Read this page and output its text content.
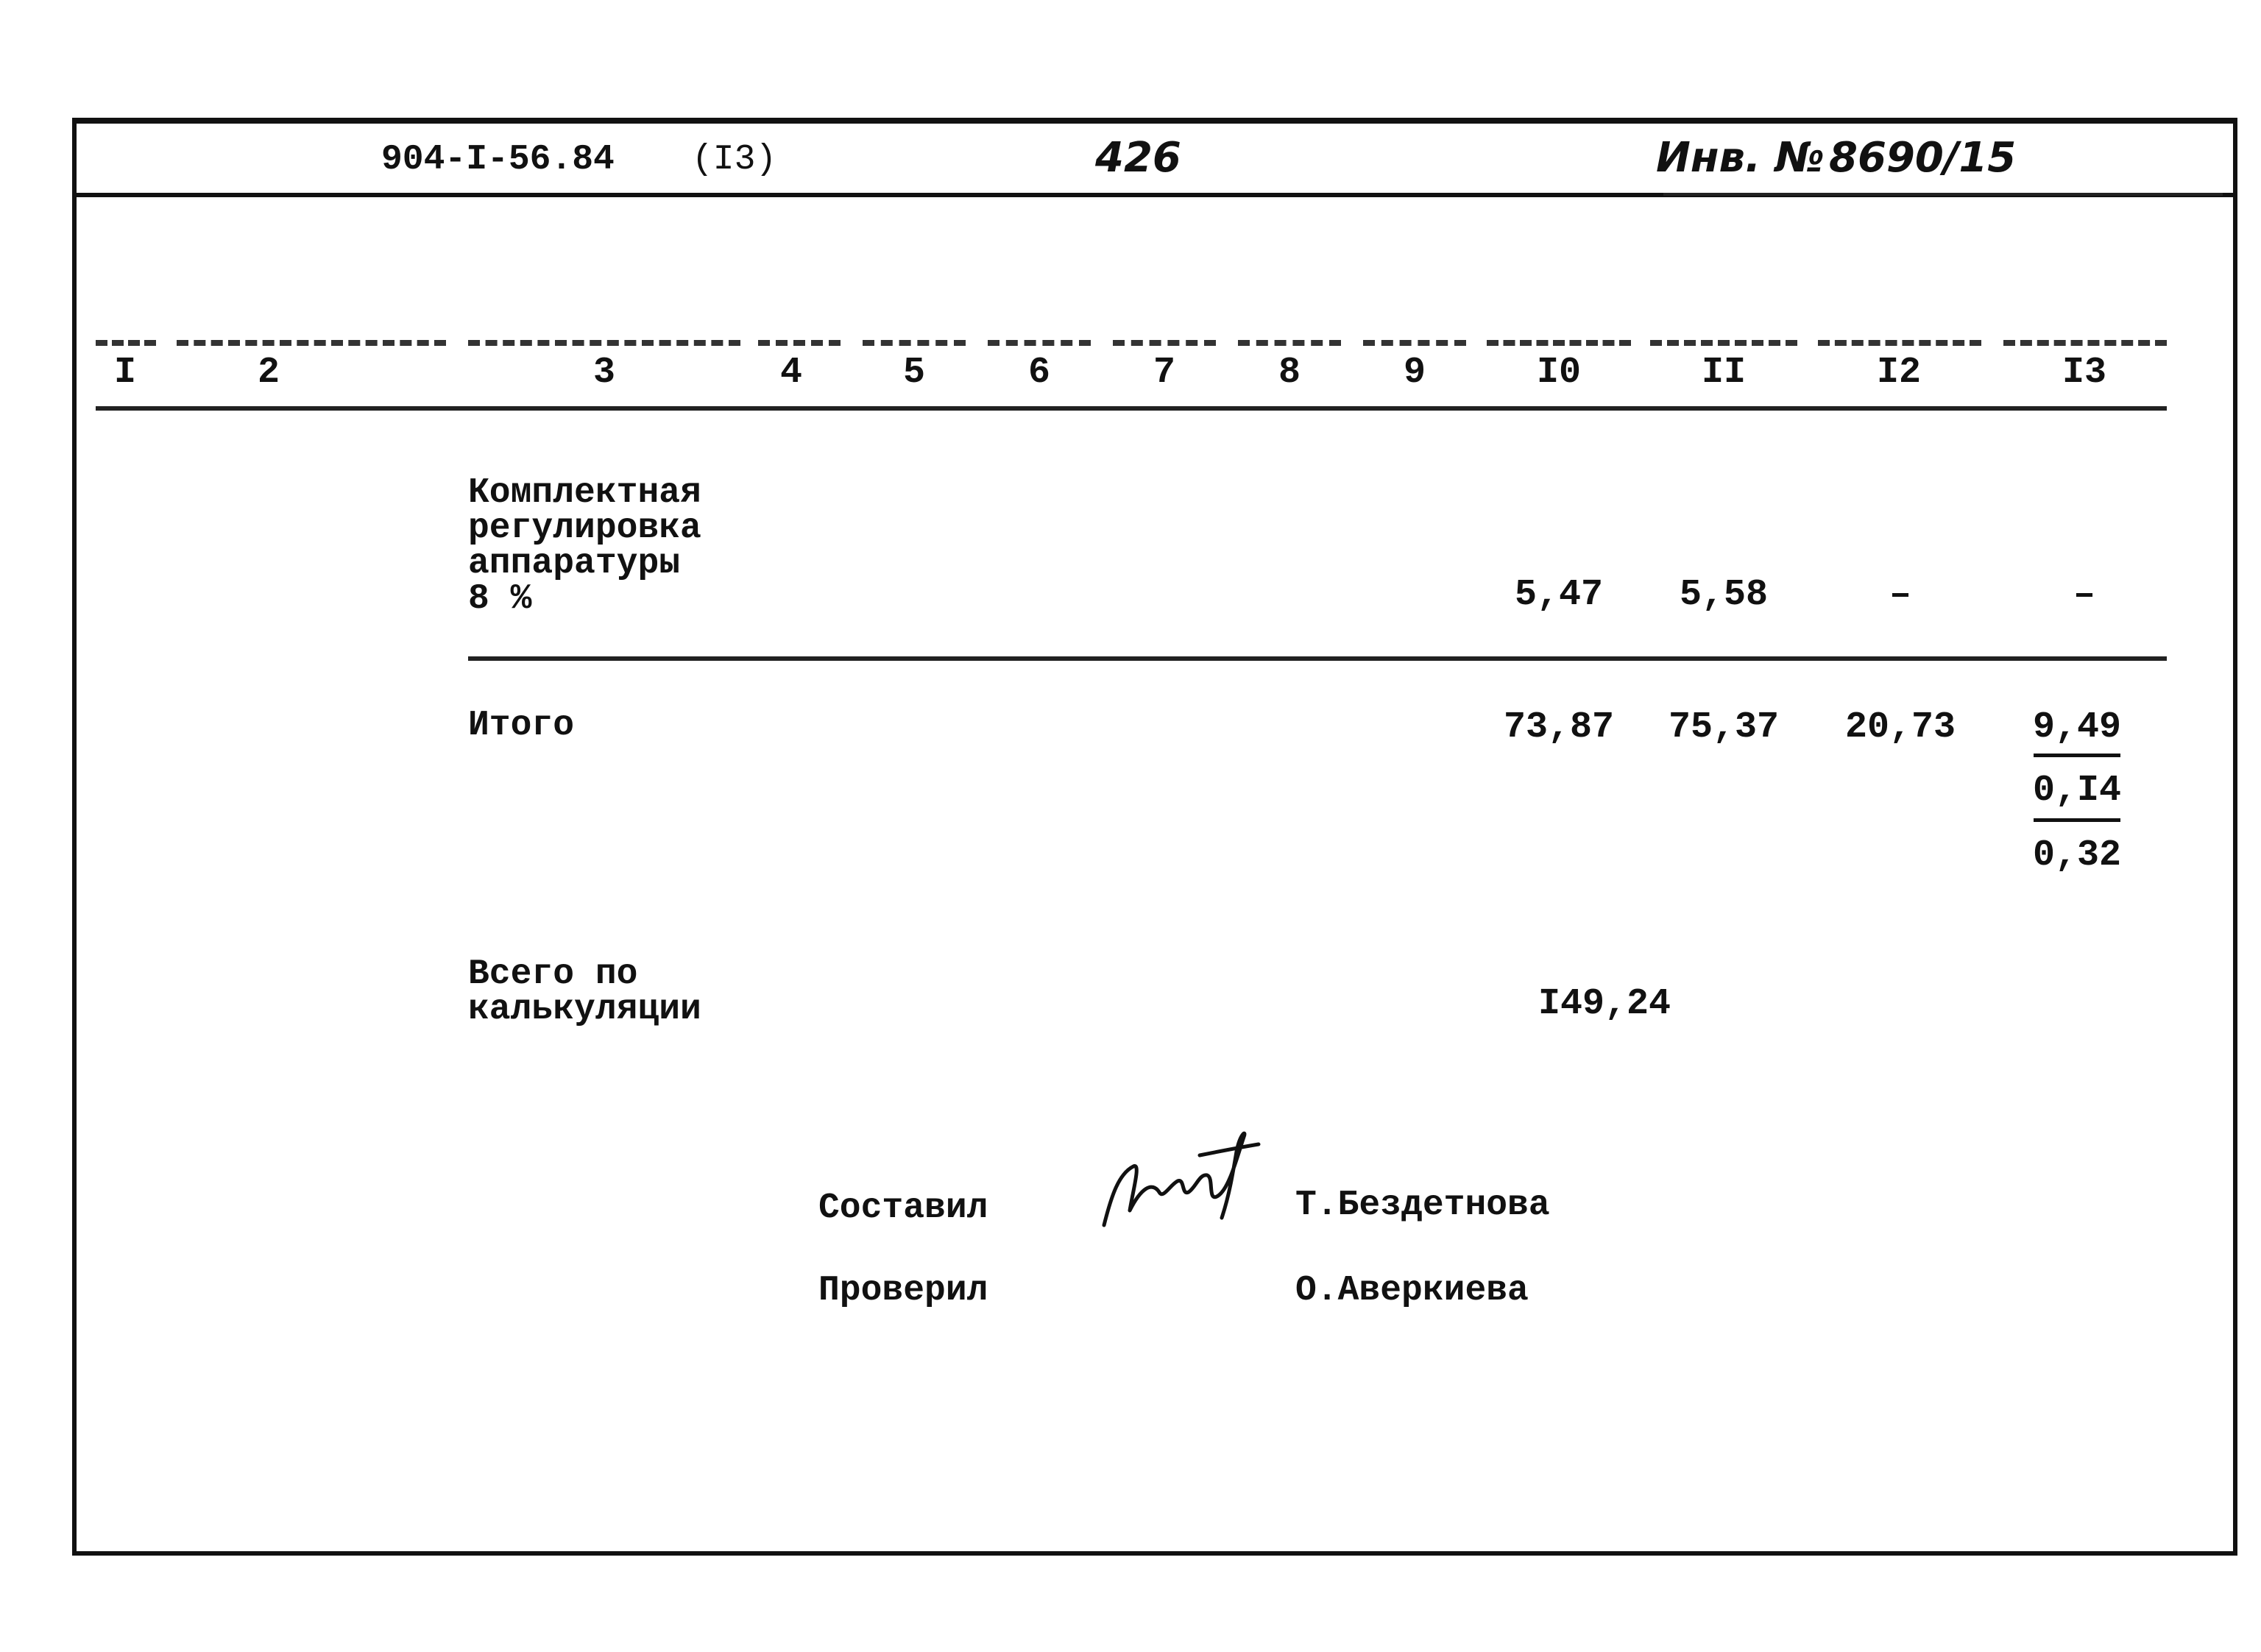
904-I-56.84 (I3)	426	Инв. № 8690/15
I	2	3	4	5	6	7	8	9	I0	II	I2	I3
Комплектная
регулировка
аппаратуры
8 %	5,47	5,58	–	–
Итого	73,87	75,37	20,73	9,49
0,I4
0,32
Всего по
калькуляции	I49,24
Составил	Т.Бездетнова
Проверил	О.Аверкиева
